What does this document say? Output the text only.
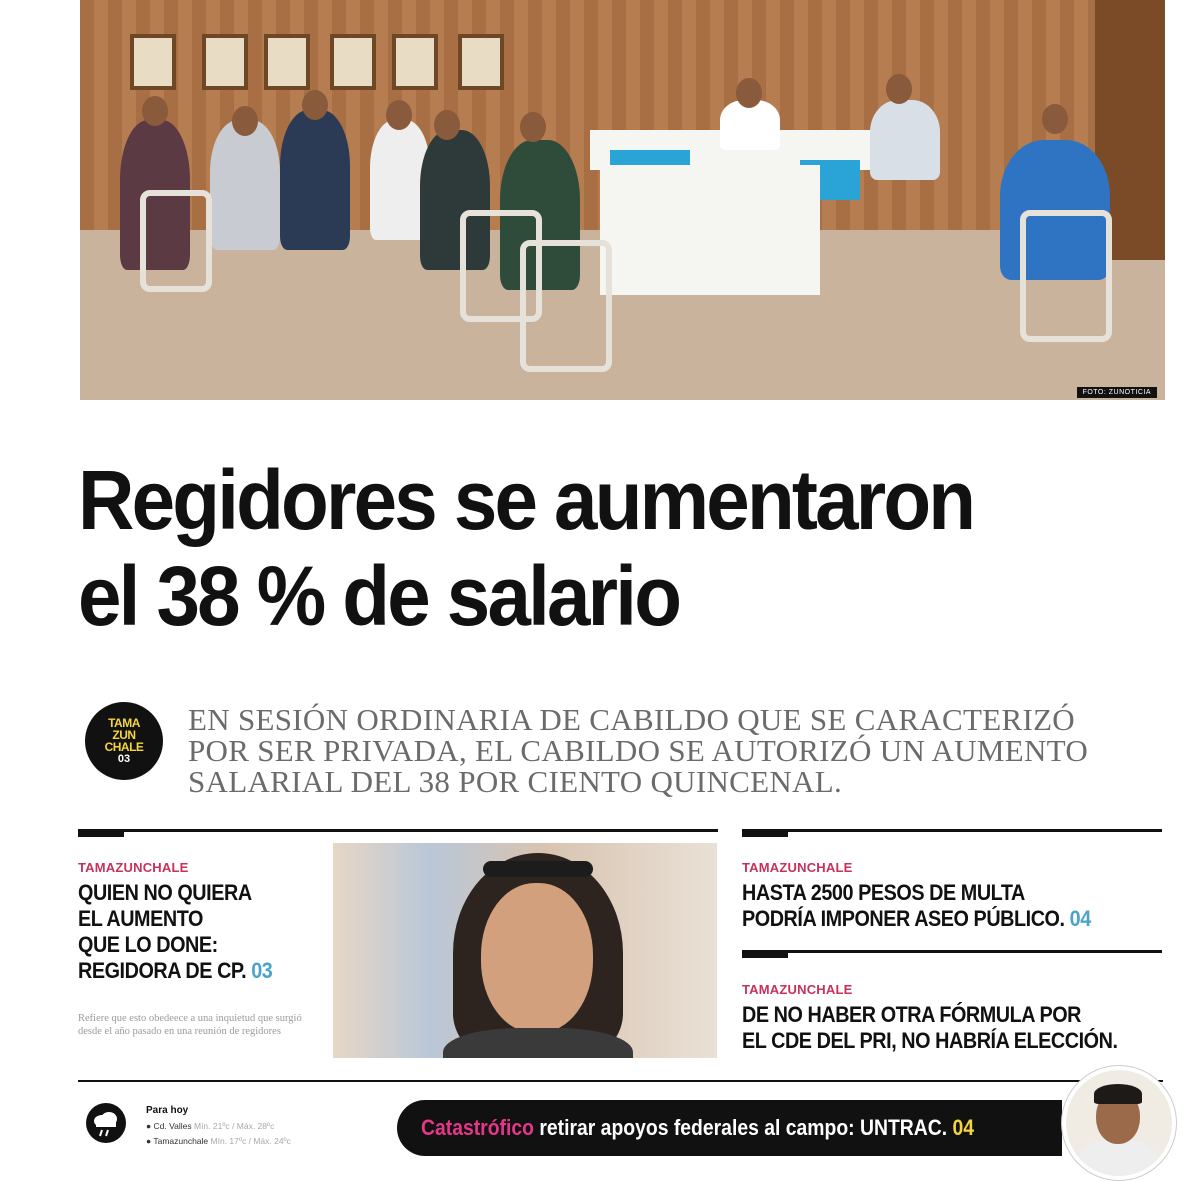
FOTO: ZUNOTICIA
Regidores se aumentaron
el 38 % de salario
TAMA
ZUN
CHALE
03
EN SESIÓN ORDINARIA DE CABILDO QUE SE CARACTERIZÓ
POR SER PRIVADA, EL CABILDO SE AUTORIZÓ UN AUMENTO
SALARIAL DEL 38 POR CIENTO QUINCENAL.
TAMAZUNCHALE
QUIEN NO QUIERA
EL AUMENTO
QUE LO DONE:
REGIDORA DE CP. 03
Refiere que esto obedeece a una inquietud que surgió desde el año pasado en una reunión de regidores
TAMAZUNCHALE
HASTA 2500 PESOS DE MULTA
PODRÍA IMPONER ASEO PÚBLICO. 04
TAMAZUNCHALE
DE NO HABER OTRA FÓRMULA POR
EL CDE DEL PRI, NO HABRÍA ELECCIÓN.
Para hoy
● Cd. Valles Mín. 21ºc / Máx. 28ºc
● Tamazunchale Mín. 17ºc / Máx. 24ºc
Catastrófico retirar apoyos federales al campo: UNTRAC. 04
